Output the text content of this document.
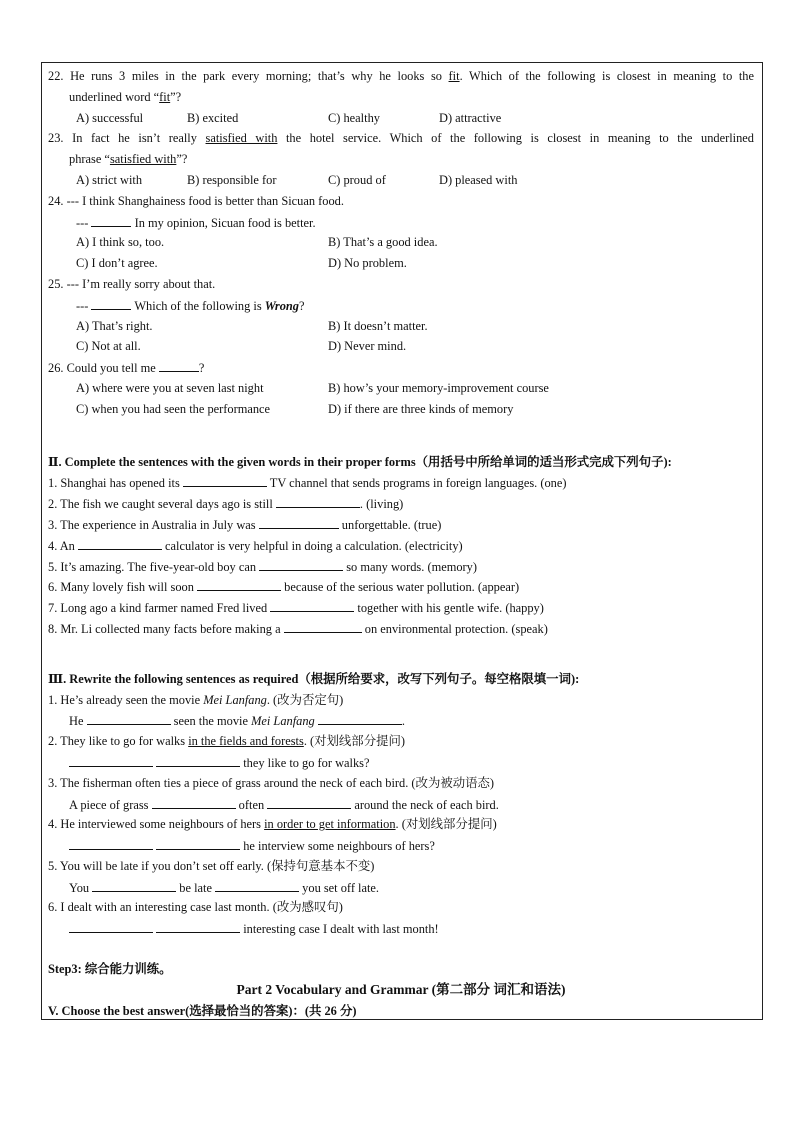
22. He runs 3 miles in the park every morning; that’s why he looks so fit. Which of the following is closest in meaning to the
underlined word “fit”?
A) successful	B) excited	C) healthy	D) attractive
23. In fact he isn’t really satisfied with the hotel service. Which of the following is closest in meaning to the underlined
phrase “satisfied with”?
A) strict with	B) responsible for	C) proud of	D) pleased with
24. --- I think Shanghainess food is better than Sicuan food.
---	In my opinion, Sicuan food is better.
A) I think so, too.	B) That’s a good idea.
C) I don’t agree.	D) No problem.
25. --- I’m really sorry about that.
---	Which of the following is Wrong?
A) That’s right.	B) It doesn’t matter.
C) Not at all.	D) Never mind.
26. Could you tell me	?
A) where were you at seven last night	B) how’s your memory-improvement course
C) when you had seen the performance	D) if there are three kinds of memory
Ⅱ. Complete the sentences with the given words in their proper forms（用括号中所给单词的适当形式完成下列句子):
1. Shanghai has opened its	TV channel that sends programs in foreign languages. (one)
2. The fish we caught several days ago is still	. (living)
3. The experience in Australia in July was	unforgettable. (true)
4. An	calculator is very helpful in doing a calculation. (electricity)
5. It’s amazing. The five-year-old boy can	so many words. (memory)
6. Many lovely fish will soon	because of the serious water pollution. (appear)
7. Long ago a kind farmer named Fred lived	together with his gentle wife. (happy)
8. Mr. Li collected many facts before making a	on environmental protection. (speak)
Ⅲ. Rewrite the following sentences as required（根据所给要求，改写下列句子。每空格限填一词):
1. He’s already seen the movie Mei Lanfang. (改为否定句)
He	seen the movie Mei Lanfang	.
2. They like to go for walks in the fields and forests. (对划线部分提问)
they like to go for walks?
3. The fisherman often ties a piece of grass around the neck of each bird. (改为被动语态)
A piece of grass	often	around the neck of each bird.
4. He interviewed some neighbours of hers in order to get information. (对划线部分提问)
he interview some neighbours of hers?
5. You will be late if you don’t set off early. (保持句意基本不变)
You	be late	you set off late.
6. I dealt with an interesting case last month. (改为感叹句)
interesting case I dealt with last month!
Step3: 综合能力训练。
Part 2 Vocabulary and Grammar (第二部分 词汇和语法)
V. Choose the best answer(选择最恰当的答案)：(共 26 分)
